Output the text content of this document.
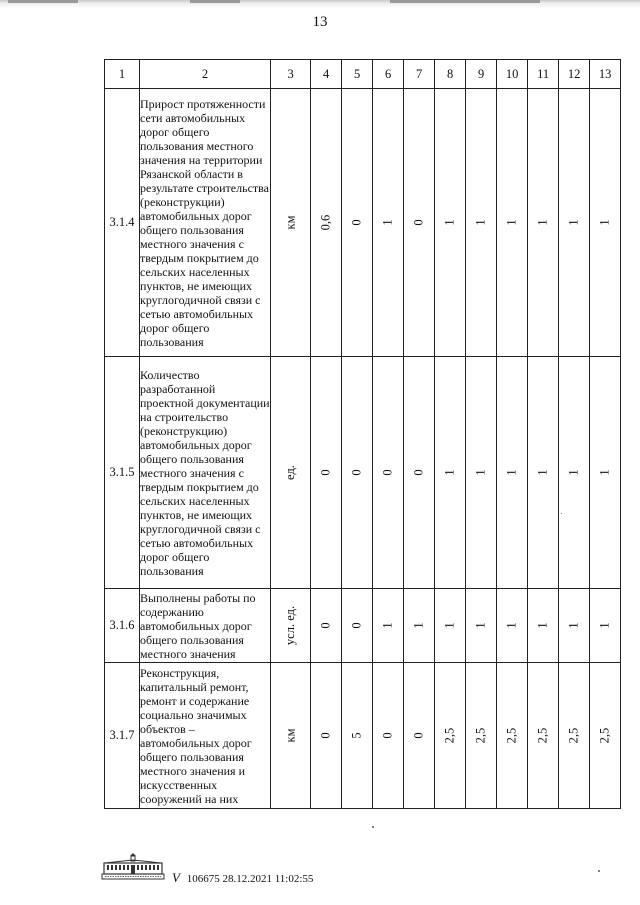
13
1	2	3	4	5	6	7	8	9	10	11	12	13
3.1.4	Прирост протяженности сети автомобильных дорог общего пользования местного значения на территории Рязанской области в результате строительства (реконструкции) автомобильных дорог общего пользования местного значения с твердым покрытием до сельских населенных пунктов, не имеющих круглогодичной связи с сетью автомобильных дорог общего пользования	км	0,6	0	1	0	1	1	1	1	1	1
3.1.5	Количество разработанной проектной документации на строительство (реконструкцию) автомобильных дорог общего пользования местного значения с твердым покрытием до сельских населенных пунктов, не имеющих круглогодичной связи с сетью автомобильных дорог общего пользования	ед.	0	0	0	0	1	1	1	1	1	1
3.1.6	Выполнены работы по содержанию автомобильных дорог общего пользования местного значения	усл. ед.	0	0	1	1	1	1	1	1	1	1
3.1.7	Реконструкция, капитальный ремонт, ремонт и содержание социально значимых объектов – автомобильных дорог общего пользования местного значения и искусственных сооружений на них	км	0	5	0	0	2,5	2,5	2,5	2,5	2,5	2,5
V 106675 28.12.2021 11:02:55
